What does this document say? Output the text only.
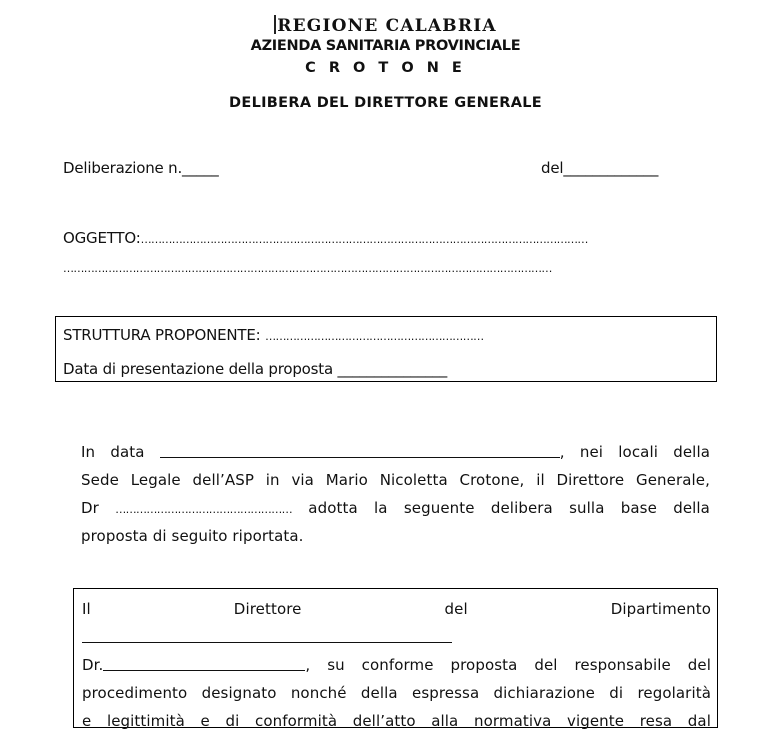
REGIONE CALABRIA
AZIENDA SANITARIA PROVINCIALE
C R O T O N E
DELIBERA DEL DIRETTORE GENERALE
Deliberazione n._____	del_____________
OGGETTO:…………………………………………………………………………………………………………………
……………………………………………………………………………………………………………………………
STRUTTURA PROPONENTE: ………………………………………………………
Data di presentazione della proposta _______________
In data	, nei locali della
Sede Legale dell’ASP in via Mario Nicoletta Crotone, il Direttore Generale,
Dr …………………………………………… adotta la seguente delibera sulla base della
proposta di seguito riportata.
Il	Direttore	del	Dipartimento
Dr.	, su conforme proposta del responsabile del
procedimento designato nonché della espressa dichiarazione di regolarità
e legittimità e di conformità dell’atto alla normativa vigente resa dal
